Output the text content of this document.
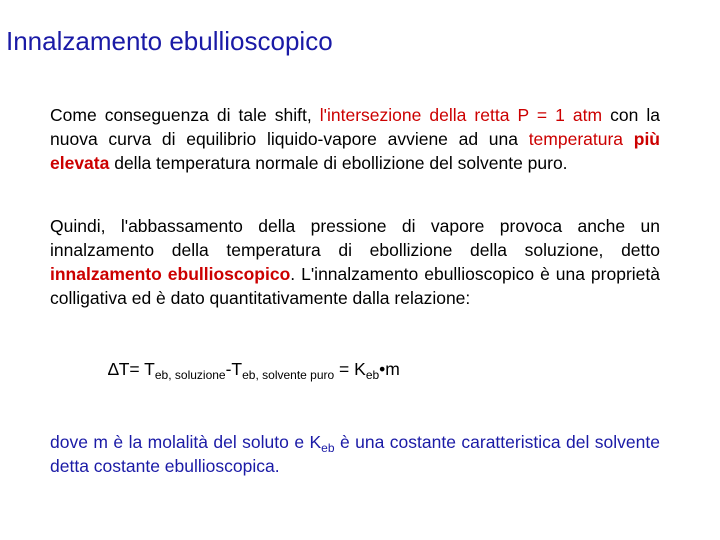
Innalzamento ebullioscopico

Come conseguenza di tale shift, l'intersezione della retta P = 1 atm con la nuova curva di equilibrio liquido-vapore avviene ad una temperatura più elevata della temperatura normale di ebollizione del solvente puro.

Quindi, l'abbassamento della pressione di vapore provoca anche un innalzamento della temperatura di ebollizione della soluzione, detto innalzamento ebullioscopico. L'innalzamento ebullioscopico è una proprietà colligativa ed è dato quantitativamente dalla relazione:

$\Delta T= T_{eb, soluzione}-T_{eb, solvente puro}$ = $K_{eb}•m$

dove m è la molalità del soluto e $K_{eb}$ è una costante caratteristica del solvente detta costante ebullioscopica.
